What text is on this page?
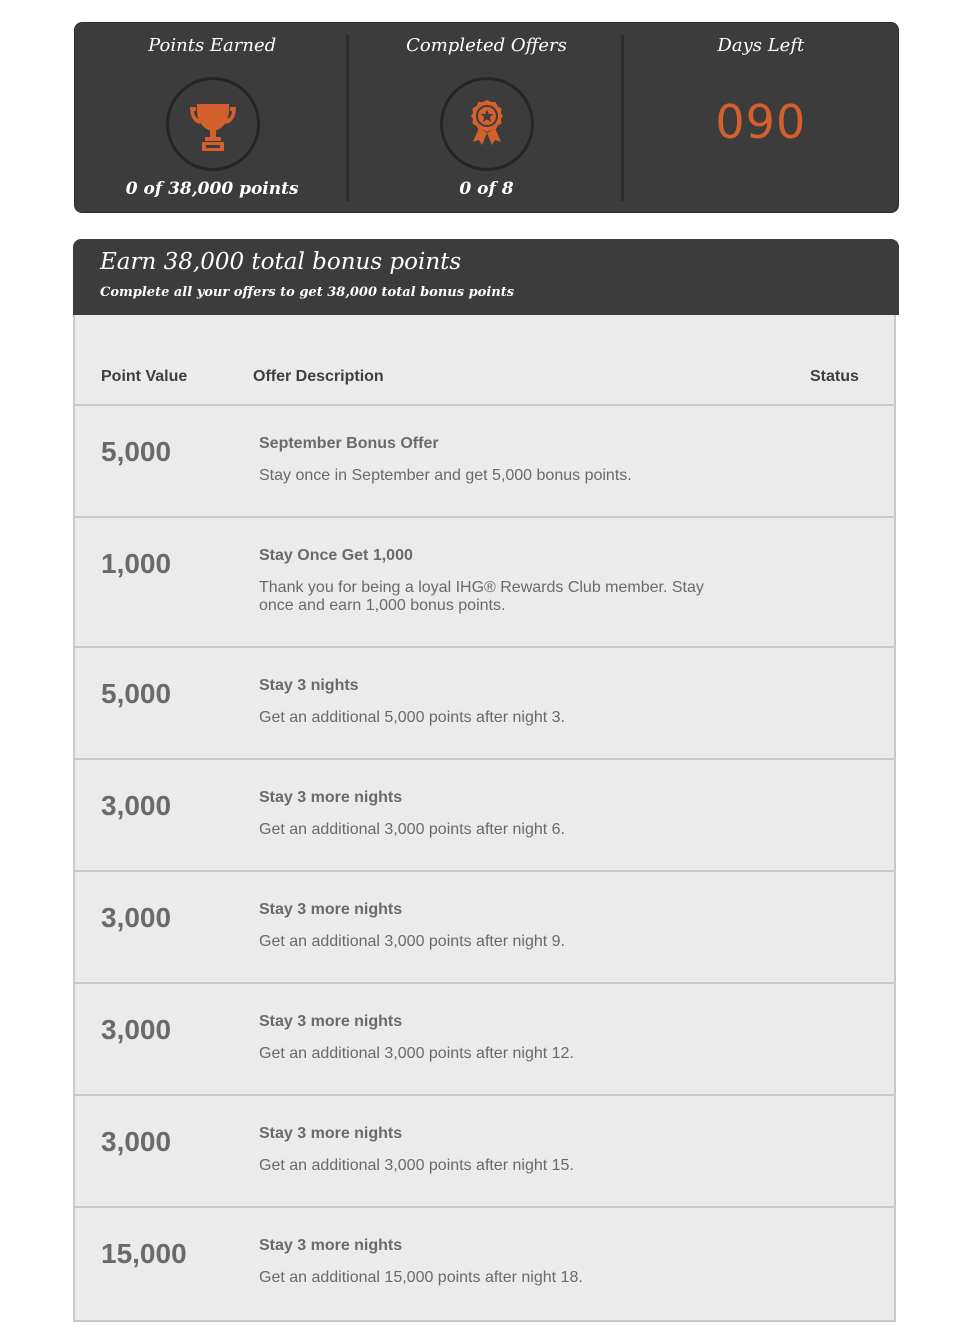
Points Earned
0 of 38,000 points
Completed Offers
0 of 8
Days Left
090
Earn 38,000 total bonus points
Complete all your offers to get 38,000 total bonus points
Point Value	Offer Description	Status
5,000	September Bonus Offer
Stay once in September and get 5,000 bonus points.
1,000	Stay Once Get 1,000
Thank you for being a loyal IHG® Rewards Club member. Stay once and earn 1,000 bonus points.
5,000	Stay 3 nights
Get an additional 5,000 points after night 3.
3,000	Stay 3 more nights
Get an additional 3,000 points after night 6.
3,000	Stay 3 more nights
Get an additional 3,000 points after night 9.
3,000	Stay 3 more nights
Get an additional 3,000 points after night 12.
3,000	Stay 3 more nights
Get an additional 3,000 points after night 15.
15,000	Stay 3 more nights
Get an additional 15,000 points after night 18.
